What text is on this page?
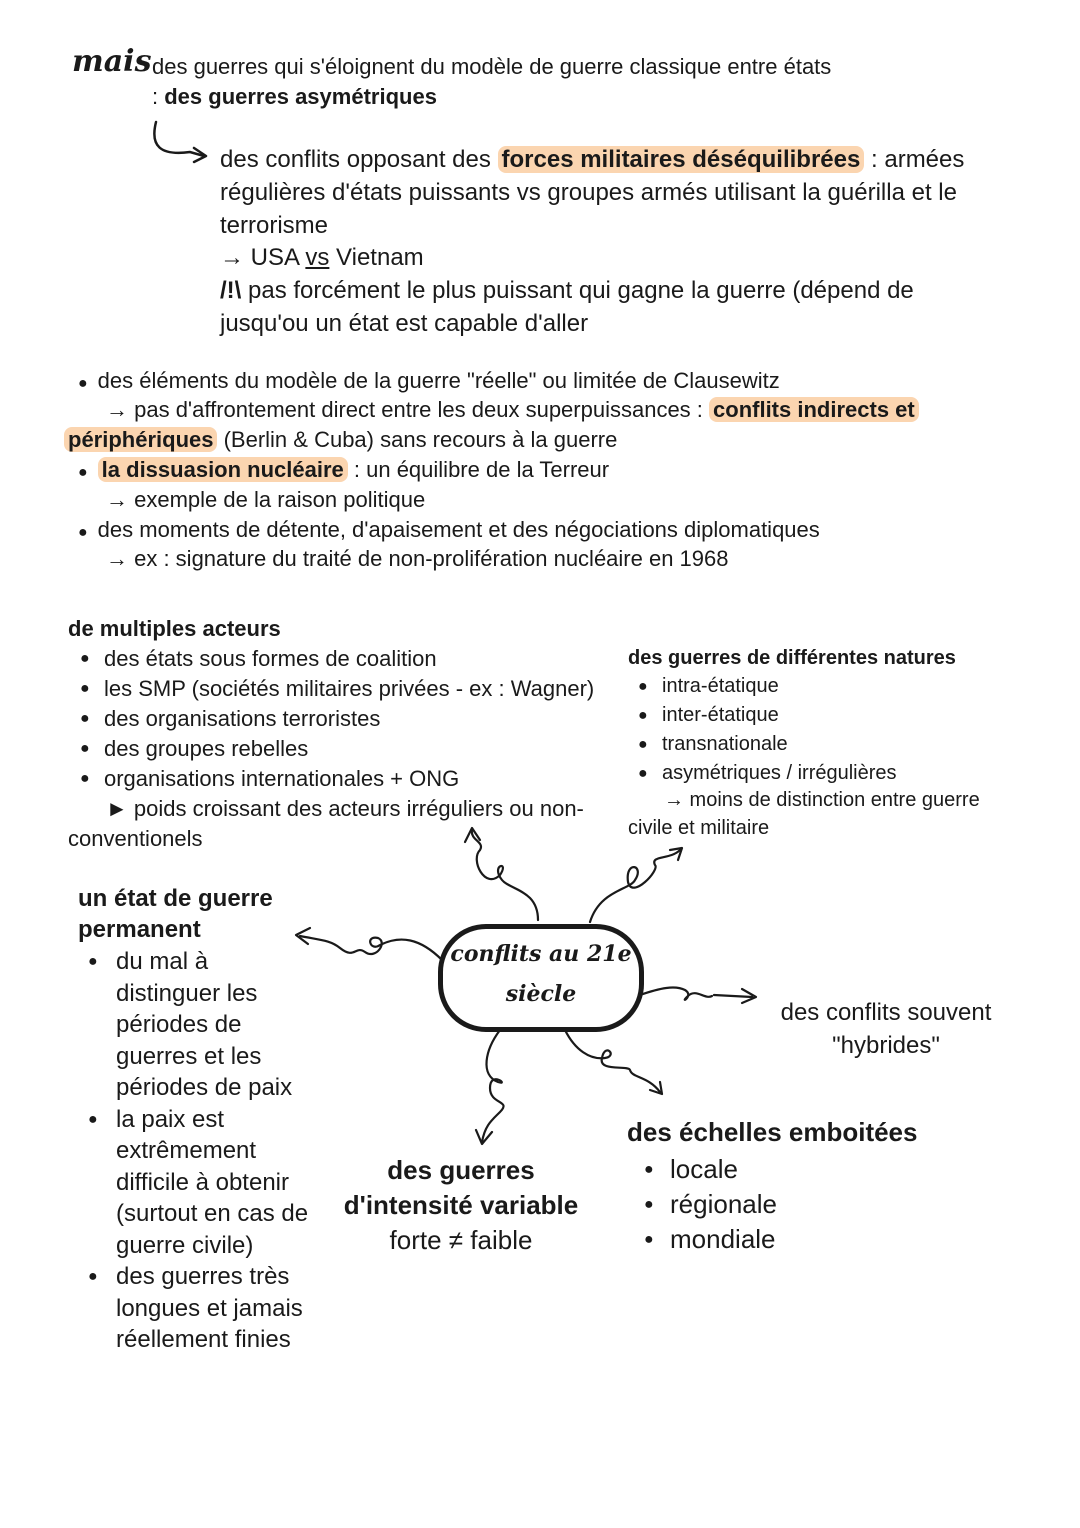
mais des guerres qui s'éloignent du modèle de guerre classique entre états
: des guerres asymétriques
des conflits opposant des forces militaires déséquilibrées : armées régulières d'états puissants vs groupes armés utilisant la guérilla et le terrorisme
→ USA vs Vietnam
/!\ pas forcément le plus puissant qui gagne la guerre (dépend de jusqu'ou un état est capable d'aller
● des éléments du modèle de la guerre "réelle" ou limitée de Clausewitz
→ pas d'affrontement direct entre les deux superpuissances : conflits indirects et
périphériques (Berlin & Cuba) sans recours à la guerre
● la dissuasion nucléaire : un équilibre de la Terreur
→ exemple de la raison politique
● des moments de détente, d'apaisement et des négociations diplomatiques
→ ex : signature du traité de non-prolifération nucléaire en 1968
de multiples acteurs
● des états sous formes de coalition
● les SMP (sociétés militaires privées - ex : Wagner)
● des organisations terroristes
● des groupes rebelles
● organisations internationales + ONG
► poids croissant des acteurs irréguliers ou non-conventionels
des guerres de différentes natures
● intra-étatique
● inter-étatique
● transnationale
● asymétriques / irrégulières
→ moins de distinction entre guerre civile et militaire
conflits au 21e
siècle
un état de guerre permanent
● du mal à distinguer les périodes de guerres et les périodes de paix
● la paix est extrêmement difficile à obtenir (surtout en cas de guerre civile)
● des guerres très longues et jamais réellement finies
des conflits souvent
"hybrides"
des échelles emboitées
● locale
● régionale
● mondiale
des guerres
d'intensité variable
forte ≠ faible
